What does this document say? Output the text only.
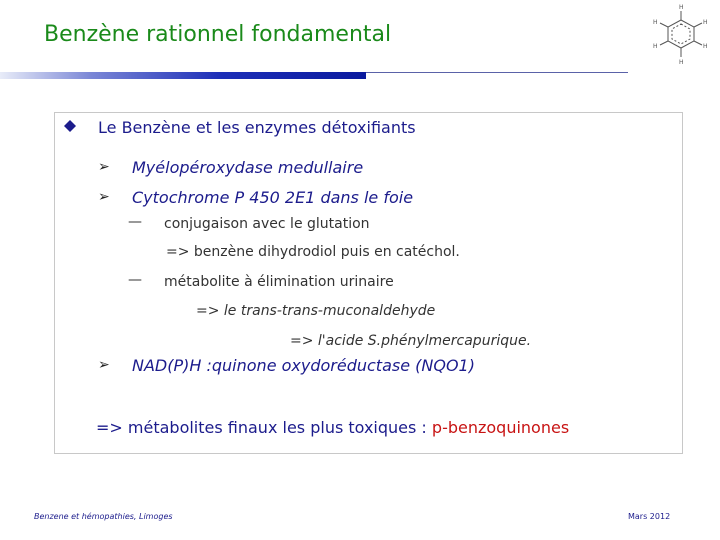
Benzène rationnel fondamental
H
H
H
H
H
H
Le Benzène et les enzymes détoxifiants
➢ Myélopéroxydase medullaire
➢ Cytochrome P 450 2E1 dans le foie
— conjugaison avec le glutation
=> benzène dihydrodiol puis en catéchol.
— métabolite à élimination urinaire
=> le trans-trans-muconaldehyde
=> l'acide S.phénylmercapurique.
➢ NAD(P)H :quinone oxydoréductase (NQO1)
=> métabolites finaux les plus toxiques : p-benzoquinones
Benzene et hémopathies, Limoges	Mars 2012
